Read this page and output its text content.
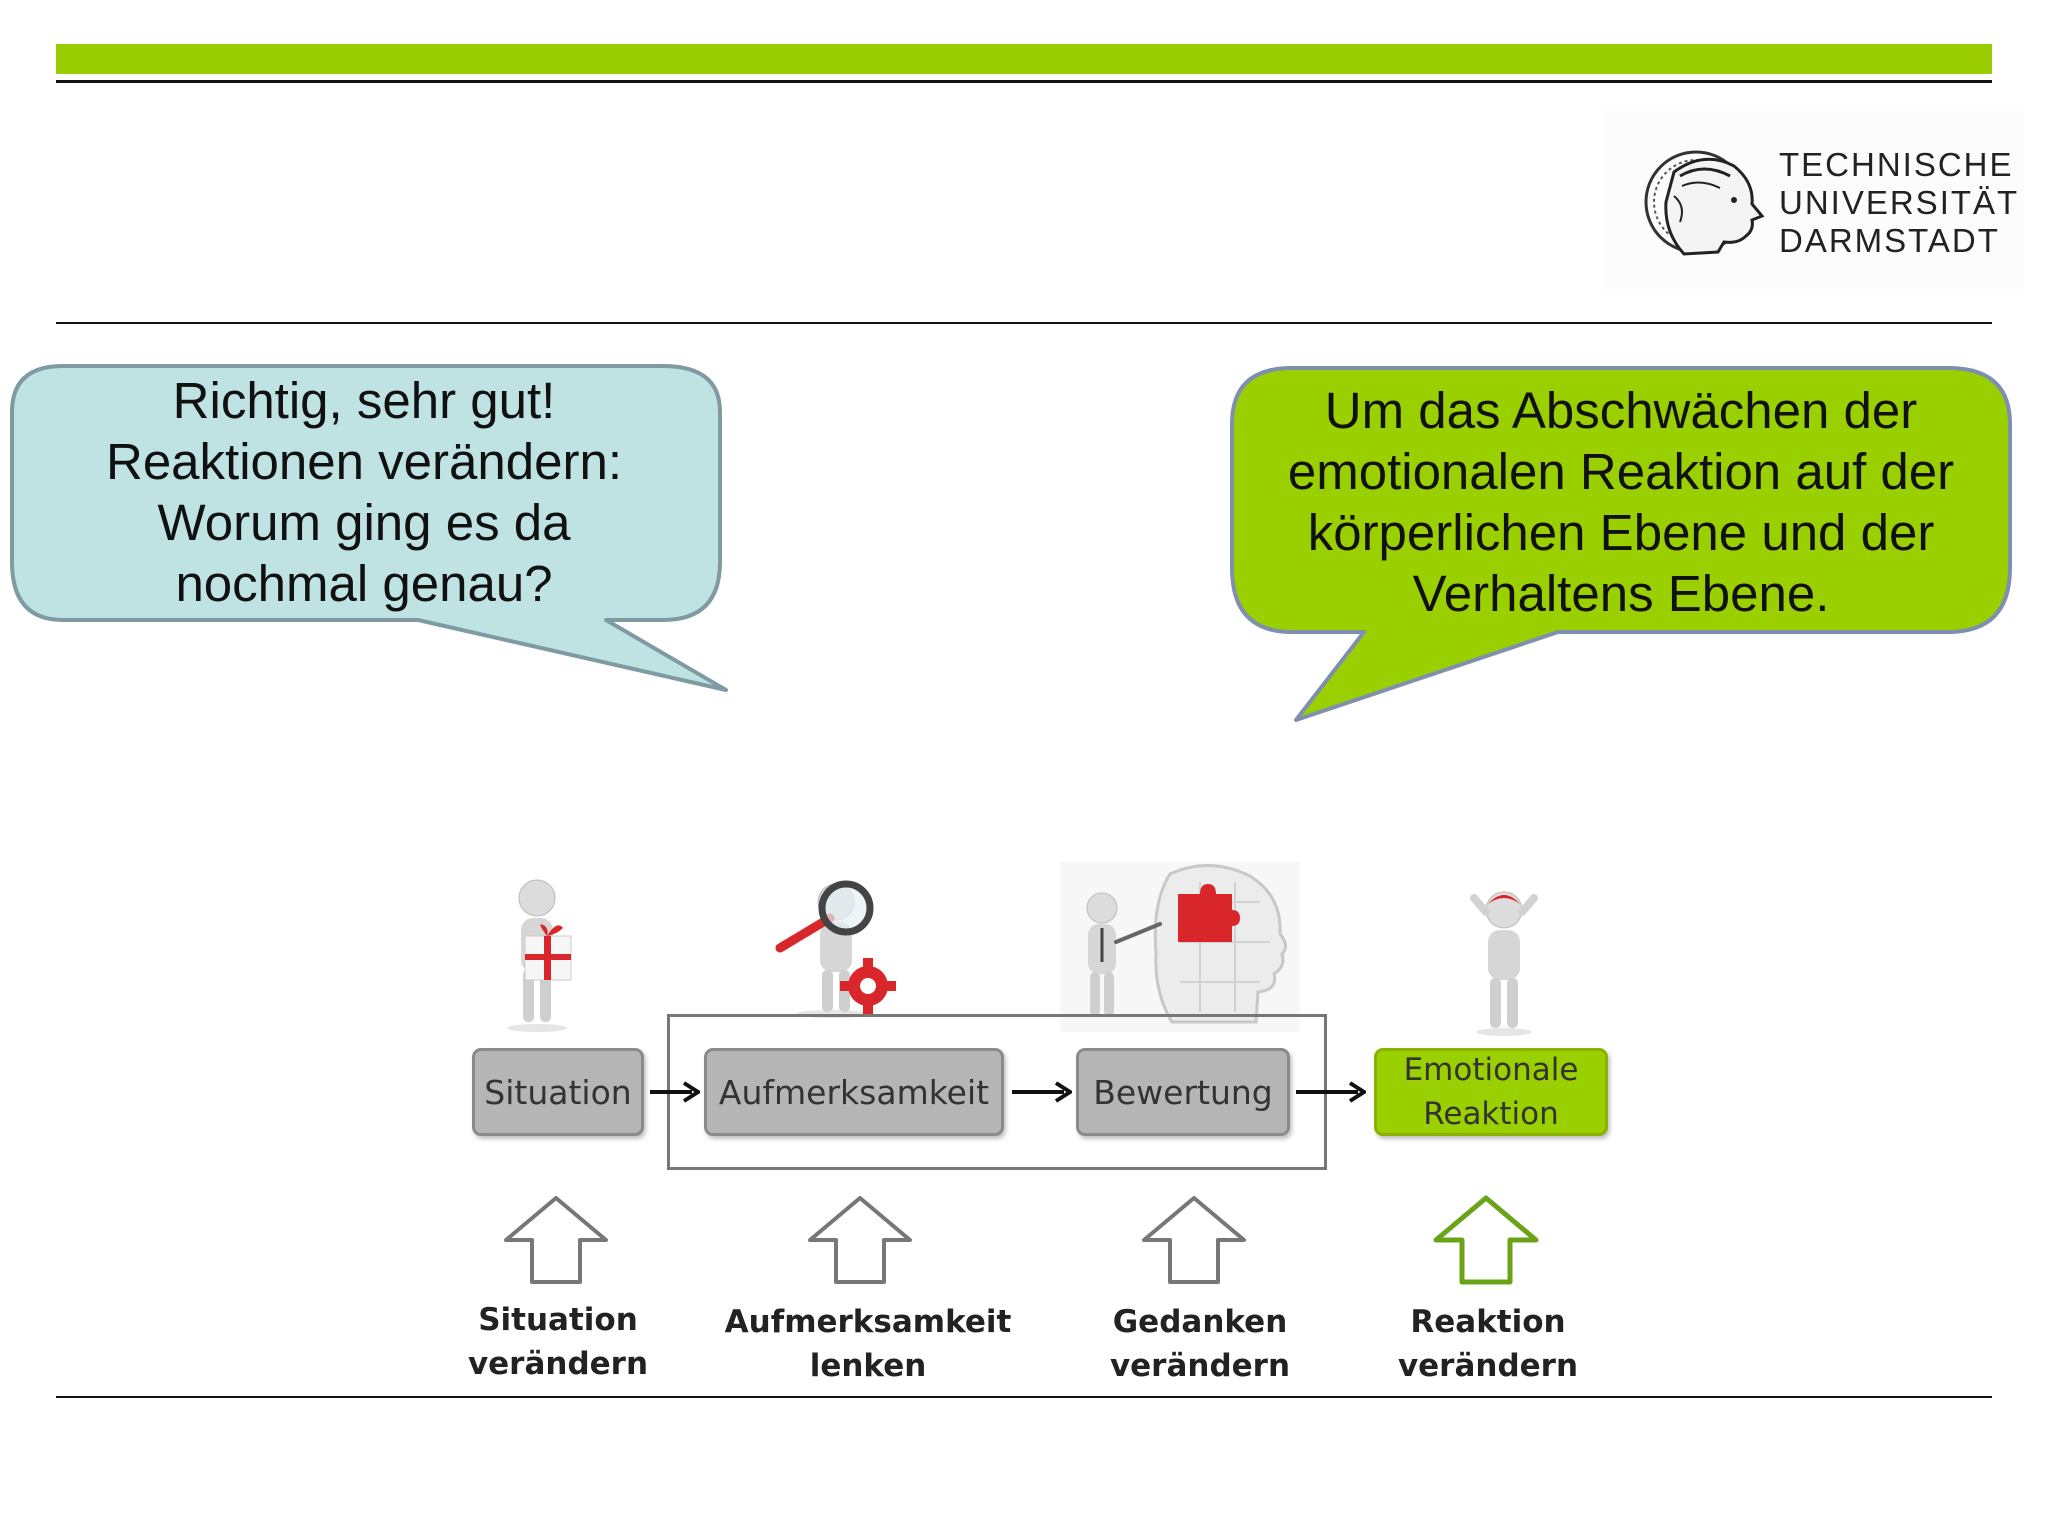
TECHNISCHE
UNIVERSITÄT
DARMSTADT
Richtig, sehr gut!
Reaktionen verändern:
Worum ging es da
nochmal genau?
Um das Abschwächen der
emotionalen Reaktion auf der
körperlichen Ebene und der
Verhaltens Ebene.
Situation	Aufmerksamkeit	Bewertung
Emotionale
Reaktion
Situation
verändern
Aufmerksamkeit
lenken
Gedanken
verändern
Reaktion
verändern
